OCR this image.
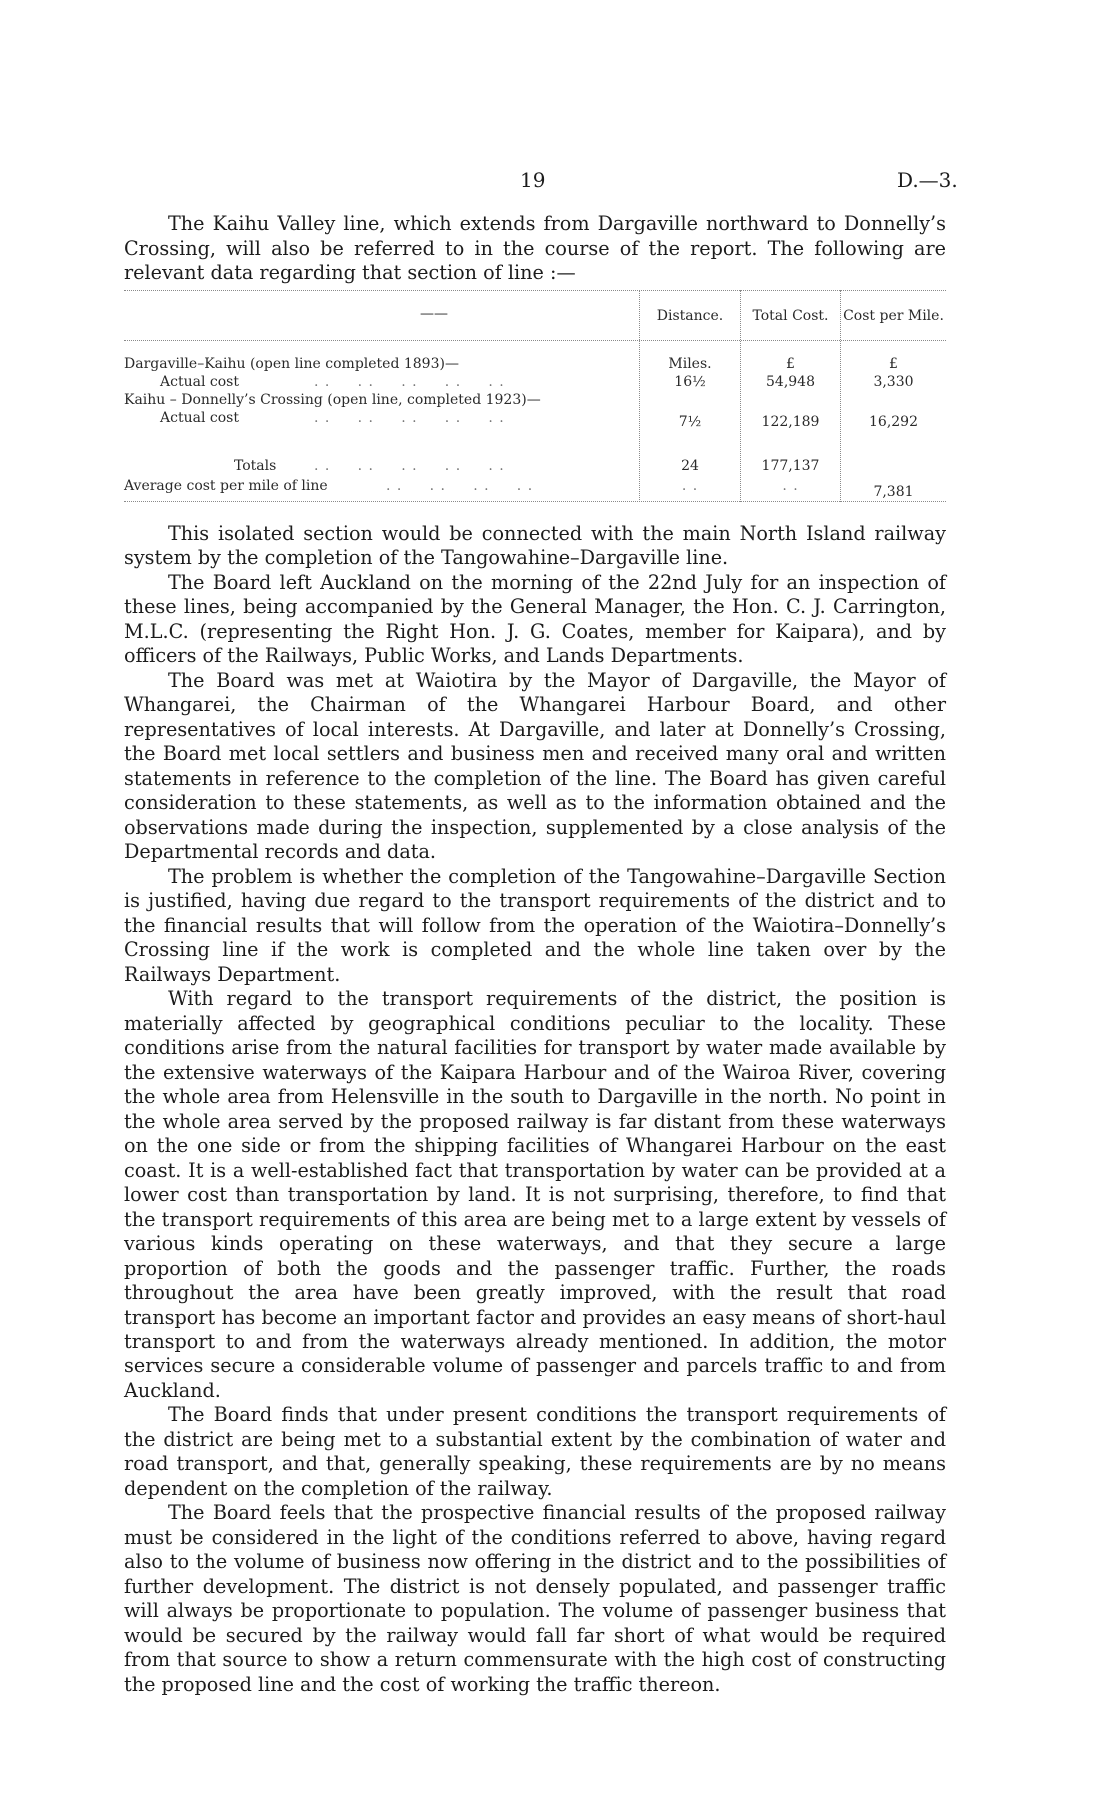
19	D.—3.
The Kaihu Valley line, which extends from Dargaville northward to Donnelly’s Crossing, will also be referred to in the course of the report. The following are relevant data regarding that section of line :—
——	Distance.	Total Cost.	Cost per Mile.
Miles.	£	£
Dargaville–Kaihu (open line completed 1893)—
Actual cost	. .     . .     . .     . .     . .	16½	54,948	3,330
Kaihu – Donnelly’s Crossing (open line, completed 1923)—
Actual cost	. .     . .     . .     . .     . .	7½	122,189	16,292
Totals	. .     . .     . .     . .     . .	24	177,137
Average cost per mile of line	. .     . .     . .     . .	. .	. .	7,381

This isolated section would be connected with the main North Island railway system by the completion of the Tangowahine–Dargaville line.

The Board left Auckland on the morning of the 22nd July for an inspection of these lines, being accompanied by the General Manager, the Hon. C. J. Carrington, M.L.C. (representing the Right Hon. J. G. Coates, member for Kaipara), and by officers of the Railways, Public Works, and Lands Departments.

The Board was met at Waiotira by the Mayor of Dargaville, the Mayor of Whangarei, the Chairman of the Whangarei Harbour Board, and other representatives of local interests. At Dargaville, and later at Donnelly’s Crossing, the Board met local settlers and business men and received many oral and written statements in reference to the completion of the line. The Board has given careful consideration to these statements, as well as to the information obtained and the observations made during the inspection, supplemented by a close analysis of the Departmental records and data.

The problem is whether the completion of the Tangowahine–Dargaville Section is justified, having due regard to the transport requirements of the district and to the financial results that will follow from the operation of the Waiotira–Donnelly’s Crossing line if the work is completed and the whole line taken over by the Railways Department.

With regard to the transport requirements of the district, the position is materially affected by geographical conditions peculiar to the locality. These conditions arise from the natural facilities for transport by water made available by the extensive waterways of the Kaipara Harbour and of the Wairoa River, covering the whole area from Helensville in the south to Dargaville in the north. No point in the whole area served by the proposed railway is far distant from these waterways on the one side or from the shipping facilities of Whangarei Harbour on the east coast. It is a well-established fact that transportation by water can be provided at a lower cost than transportation by land. It is not surprising, therefore, to find that the transport requirements of this area are being met to a large extent by vessels of various kinds operating on these waterways, and that they secure a large proportion of both the goods and the passenger traffic. Further, the roads throughout the area have been greatly improved, with the result that road transport has become an important factor and provides an easy means of short-haul transport to and from the waterways already mentioned. In addition, the motor services secure a considerable volume of passenger and parcels traffic to and from Auckland.

The Board finds that under present conditions the transport requirements of the district are being met to a substantial extent by the combination of water and road transport, and that, generally speaking, these requirements are by no means dependent on the completion of the railway.

The Board feels that the prospective financial results of the proposed railway must be considered in the light of the conditions referred to above, having regard also to the volume of business now offering in the district and to the possibilities of further development. The district is not densely populated, and passenger traffic will always be proportionate to population. The volume of passenger business that would be secured by the railway would fall far short of what would be required from that source to show a return commensurate with the high cost of constructing the proposed line and the cost of working the traffic thereon.
